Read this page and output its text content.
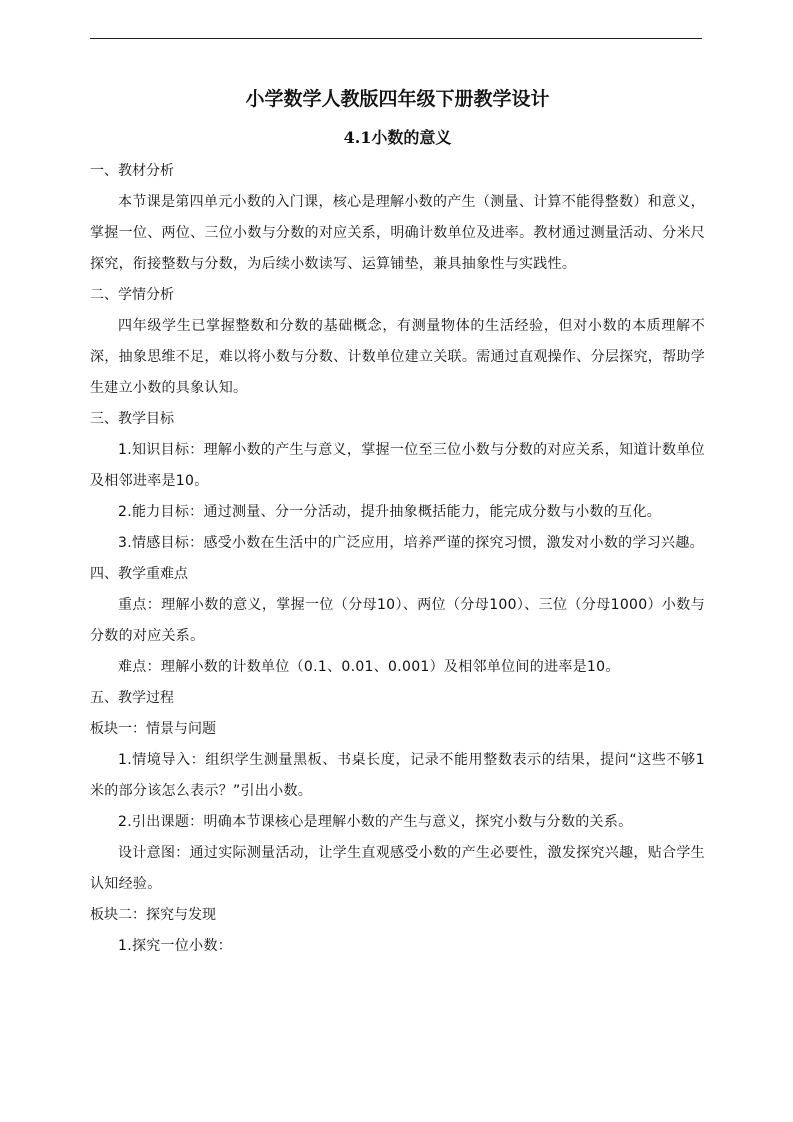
小学数学人教版四年级下册教学设计
4.1小数的意义

一、教材分析

本节课是第四单元小数的入门课，核心是理解小数的产生（测量、计算不能得整数）和意义，掌握一位、两位、三位小数与分数的对应关系，明确计数单位及进率。教材通过测量活动、分米尺探究，衔接整数与分数，为后续小数读写、运算铺垫，兼具抽象性与实践性。

二、学情分析

四年级学生已掌握整数和分数的基础概念，有测量物体的生活经验，但对小数的本质理解不深，抽象思维不足，难以将小数与分数、计数单位建立关联。需通过直观操作、分层探究，帮助学生建立小数的具象认知。

三、教学目标

1.知识目标：理解小数的产生与意义，掌握一位至三位小数与分数的对应关系，知道计数单位及相邻进率是10。

2.能力目标：通过测量、分一分活动，提升抽象概括能力，能完成分数与小数的互化。

3.情感目标：感受小数在生活中的广泛应用，培养严谨的探究习惯，激发对小数的学习兴趣。

四、教学重难点

重点：理解小数的意义，掌握一位（分母10）、两位（分母100）、三位（分母1000）小数与分数的对应关系。

难点：理解小数的计数单位（0.1、0.01、0.001）及相邻单位间的进率是10。

五、教学过程

板块一：情景与问题

1.情境导入：组织学生测量黑板、书桌长度，记录不能用整数表示的结果，提问“这些不够1米的部分该怎么表示？”引出小数。

2.引出课题：明确本节课核心是理解小数的产生与意义，探究小数与分数的关系。

设计意图：通过实际测量活动，让学生直观感受小数的产生必要性，激发探究兴趣，贴合学生认知经验。

板块二：探究与发现

1.探究一位小数：
